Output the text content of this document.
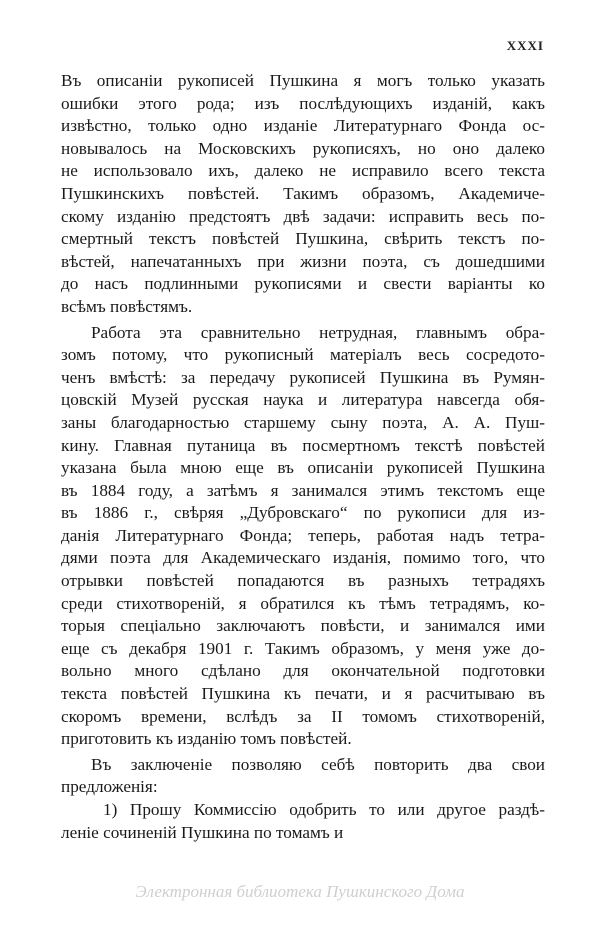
XXXI
Въ описаніи рукописей Пушкина я могъ только указать
ошибки этого рода; изъ послѣдующихъ изданій, какъ
извѣстно, только одно изданіе Литературнаго Фонда ос-
новывалось на Московскихъ рукописяхъ, но оно далеко
не использовало ихъ, далеко не исправило всего текста
Пушкинскихъ повѣстей. Такимъ образомъ, Академиче-
скому изданію предстоятъ двѣ задачи: исправить весь по-
смертный текстъ повѣстей Пушкина, свѣрить текстъ по-
вѣстей, напечатанныхъ при жизни поэта, съ дошедшими
до насъ подлинными рукописями и свести варіанты ко
всѣмъ повѣстямъ.
Работа эта сравнительно нетрудная, главнымъ обра-
зомъ потому, что рукописный матеріалъ весь сосредото-
ченъ вмѣстѣ: за передачу рукописей Пушкина въ Румян-
цовскій Музей русская наука и литература навсегда обя-
заны благодарностью старшему сыну поэта, А. А. Пуш-
кину. Главная путаница въ посмертномъ текстѣ повѣстей
указана была мною еще въ описаніи рукописей Пушкина
въ 1884 году, а затѣмъ я занимался этимъ текстомъ еще
въ 1886 г., свѣряя „Дубровскаго“ по рукописи для из-
данія Литературнаго Фонда; теперь, работая надъ тетра-
дями поэта для Академическаго изданія, помимо того, что
отрывки повѣстей попадаются въ разныхъ тетрадяхъ
среди стихотвореній, я обратился къ тѣмъ тетрадямъ, ко-
торыя спеціально заключаютъ повѣсти, и занимался ими
еще съ декабря 1901 г. Такимъ образомъ, у меня уже до-
вольно много сдѣлано для окончательной подготовки
текста повѣстей Пушкина къ печати, и я расчитываю въ
скоромъ времени, вслѣдъ за II томомъ стихотвореній,
приготовить къ изданію томъ повѣстей.
Въ заключеніе позволяю себѣ повторить два свои
предложенія:
1) Прошу Коммиссію одобрить то или другое раздѣ-
леніе сочиненій Пушкина по томамъ и
Электронная библиотека Пушкинского Дома
